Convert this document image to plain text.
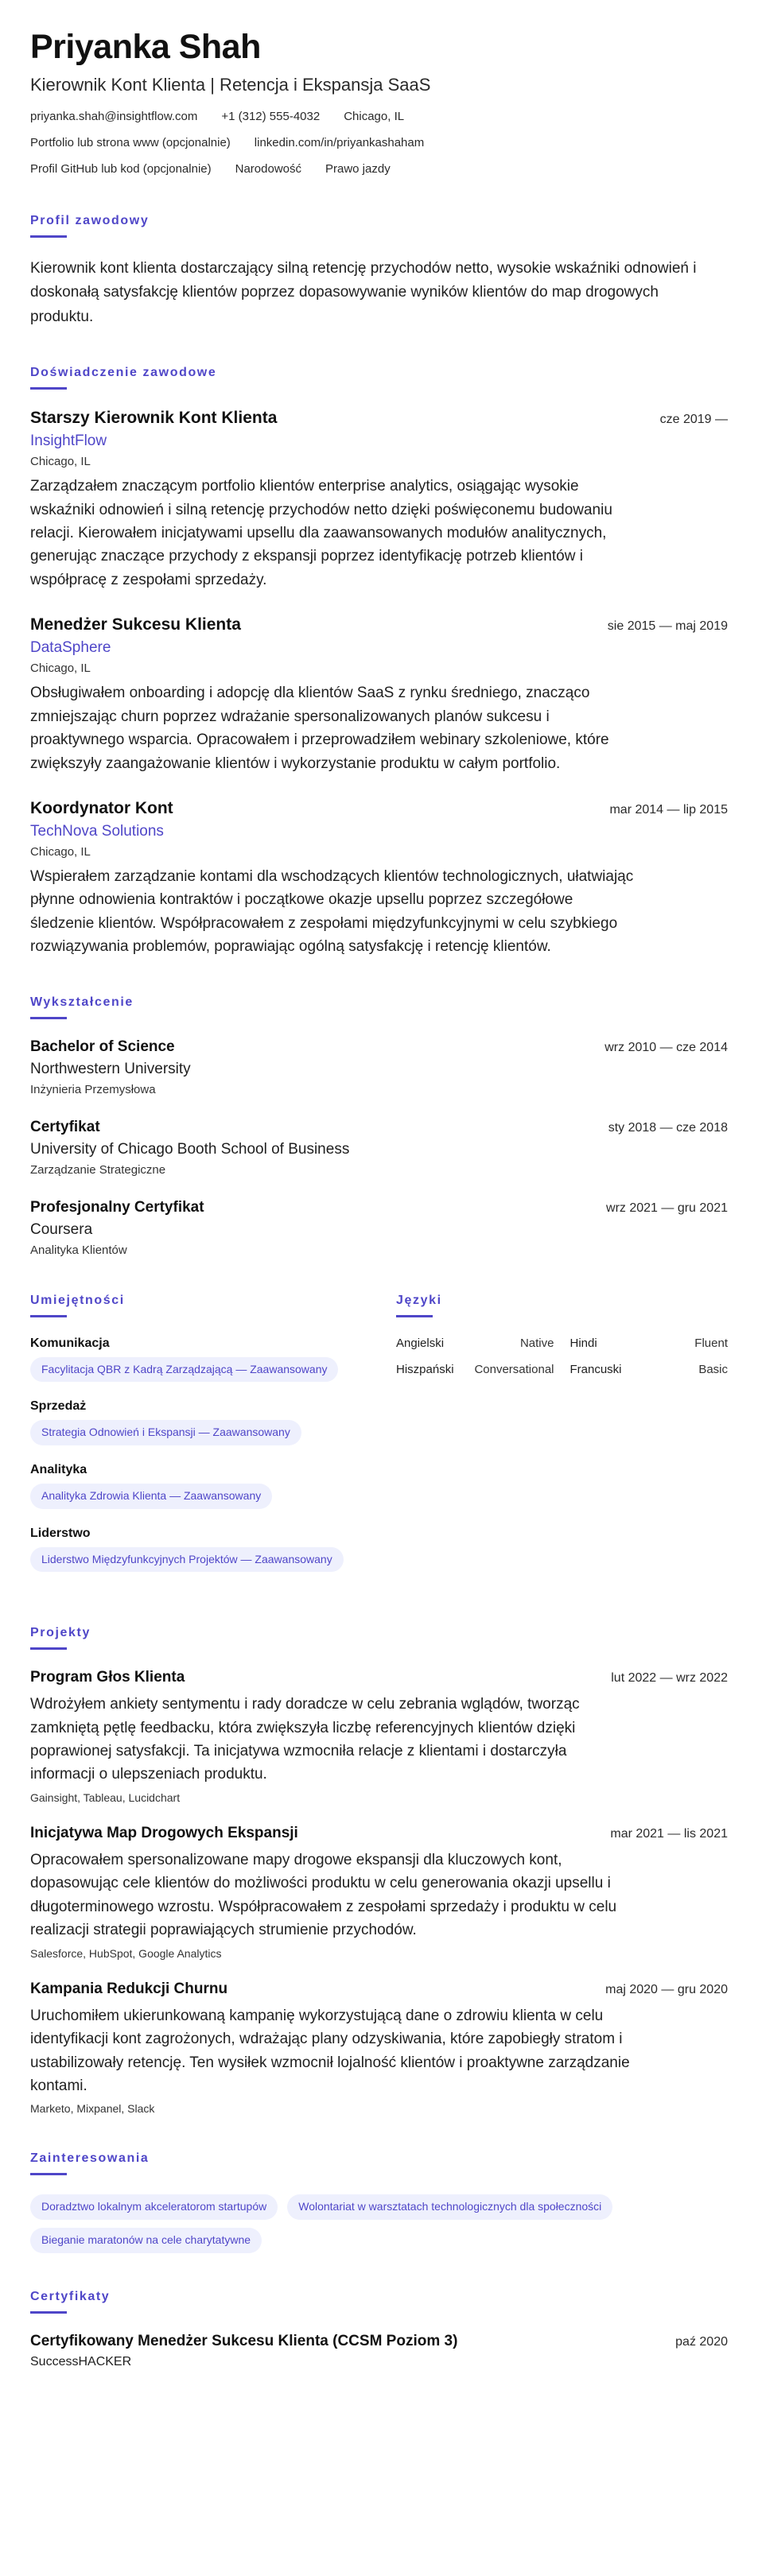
Priyanka Shah
Kierownik Kont Klienta | Retencja i Ekspansja SaaS
priyanka.shah@insightflow.com +1 (312) 555-4032 Chicago, IL
Portfolio lub strona www (opcjonalnie) linkedin.com/in/priyankashaham
Profil GitHub lub kod (opcjonalnie) Narodowość Prawo jazdy
Profil zawodowy

Kierownik kont klienta dostarczający silną retencję przychodów netto, wysokie wskaźniki odnowień i doskonałą satysfakcję klientów poprzez dopasowywanie wyników klientów do map drogowych produktu.

Doświadczenie zawodowe
Starszy Kierownik Kont Klienta	cze 2019 —
InsightFlow
Chicago, IL

Zarządzałem znaczącym portfolio klientów enterprise analytics, osiągając wysokie wskaźniki odnowień i silną retencję przychodów netto dzięki poświęconemu budowaniu relacji. Kierowałem inicjatywami upsellu dla zaawansowanych modułów analitycznych, generując znaczące przychody z ekspansji poprzez identyfikację potrzeb klientów i współpracę z zespołami sprzedaży.

Menedżer Sukcesu Klienta	sie 2015 — maj 2019
DataSphere
Chicago, IL

Obsługiwałem onboarding i adopcję dla klientów SaaS z rynku średniego, znacząco zmniejszając churn poprzez wdrażanie spersonalizowanych planów sukcesu i proaktywnego wsparcia. Opracowałem i przeprowadziłem webinary szkoleniowe, które zwiększyły zaangażowanie klientów i wykorzystanie produktu w całym portfolio.

Koordynator Kont	mar 2014 — lip 2015
TechNova Solutions
Chicago, IL

Wspierałem zarządzanie kontami dla wschodzących klientów technologicznych, ułatwiając płynne odnowienia kontraktów i początkowe okazje upsellu poprzez szczegółowe śledzenie klientów. Współpracowałem z zespołami międzyfunkcyjnymi w celu szybkiego rozwiązywania problemów, poprawiając ogólną satysfakcję i retencję klientów.

Wykształcenie
Bachelor of Science	wrz 2010 — cze 2014
Northwestern University
Inżynieria Przemysłowa
Certyfikat	sty 2018 — cze 2018
University of Chicago Booth School of Business
Zarządzanie Strategiczne
Profesjonalny Certyfikat	wrz 2021 — gru 2021
Coursera
Analityka Klientów
Umiejętności
Komunikacja
Facylitacja QBR z Kadrą Zarządzającą — Zaawansowany
Sprzedaż
Strategia Odnowień i Ekspansji — Zaawansowany
Analityka
Analityka Zdrowia Klienta — Zaawansowany
Liderstwo
Liderstwo Międzyfunkcyjnych Projektów — Zaawansowany
Języki
Angielski	Native Hindi	Fluent
Hiszpański Conversational Francuski	Basic
Projekty
Program Głos Klienta	lut 2022 — wrz 2022

Wdrożyłem ankiety sentymentu i rady doradcze w celu zebrania wglądów, tworząc zamkniętą pętlę feedbacku, która zwiększyła liczbę referencyjnych klientów dzięki poprawionej satysfakcji. Ta inicjatywa wzmocniła relacje z klientami i dostarczyła informacji o ulepszeniach produktu.

Gainsight, Tableau, Lucidchart
Inicjatywa Map Drogowych Ekspansji	mar 2021 — lis 2021

Opracowałem spersonalizowane mapy drogowe ekspansji dla kluczowych kont, dopasowując cele klientów do możliwości produktu w celu generowania okazji upsellu i długoterminowego wzrostu. Współpracowałem z zespołami sprzedaży i produktu w celu realizacji strategii poprawiających strumienie przychodów.

Salesforce, HubSpot, Google Analytics
Kampania Redukcji Churnu	maj 2020 — gru 2020

Uruchomiłem ukierunkowaną kampanię wykorzystującą dane o zdrowiu klienta w celu identyfikacji kont zagrożonych, wdrażając plany odzyskiwania, które zapobiegły stratom i ustabilizowały retencję. Ten wysiłek wzmocnił lojalność klientów i proaktywne zarządzanie kontami.

Marketo, Mixpanel, Slack
Zainteresowania
Doradztwo lokalnym akceleratorom startupów	Wolontariat w warsztatach technologicznych dla społeczności
Bieganie maratonów na cele charytatywne
Certyfikaty
Certyfikowany Menedżer Sukcesu Klienta (CCSM Poziom 3)	paź 2020
SuccessHACKER
